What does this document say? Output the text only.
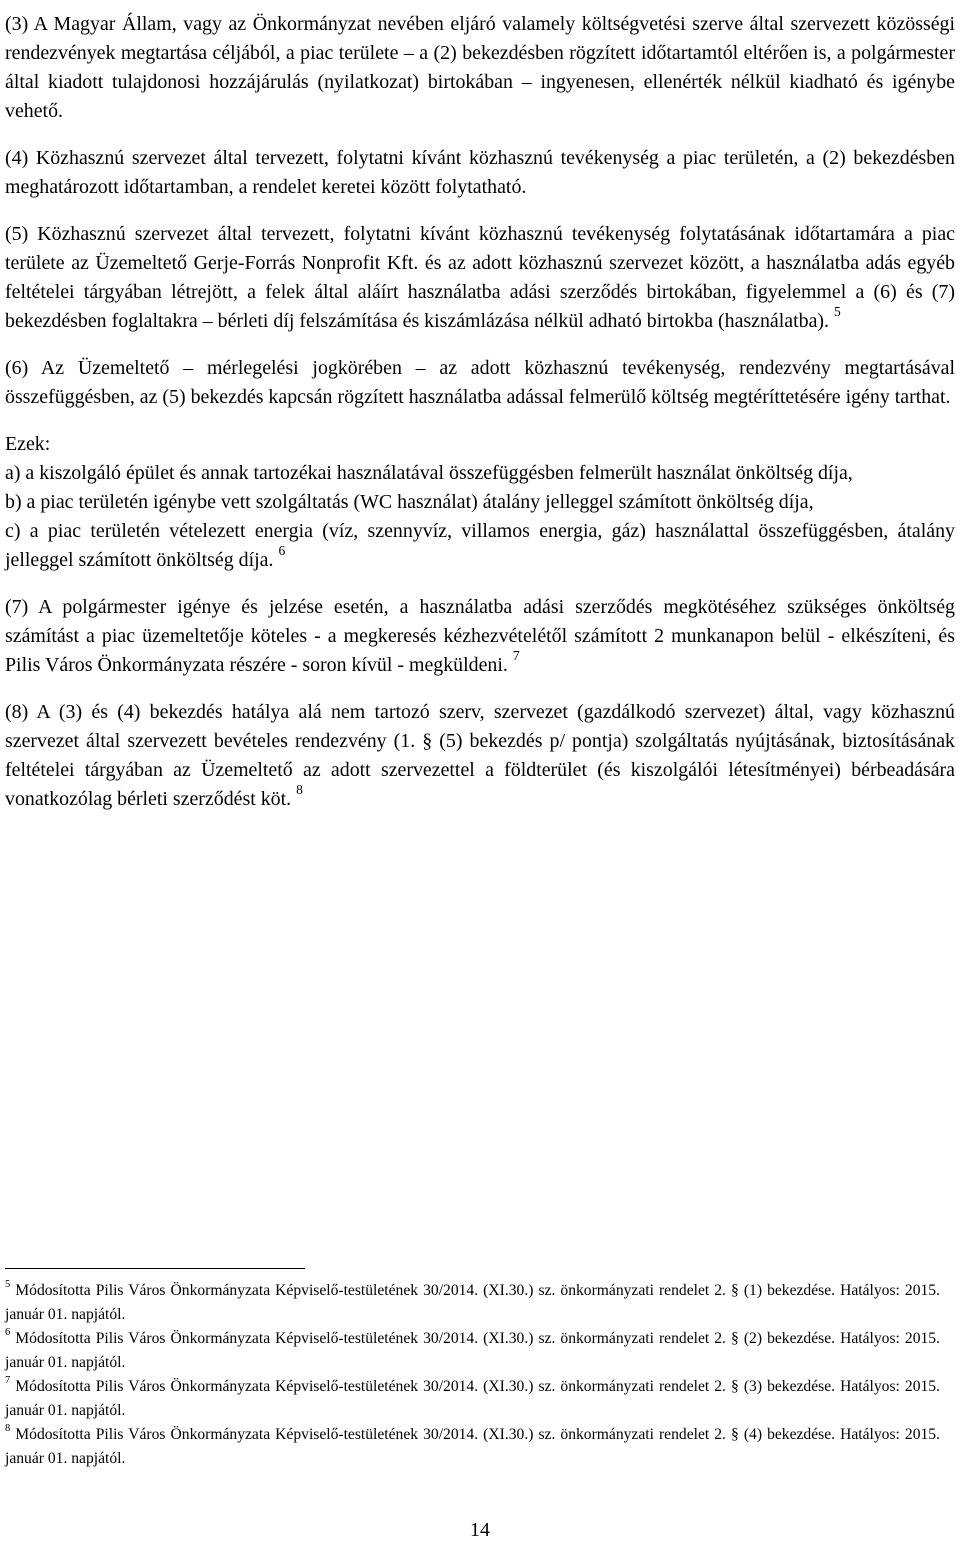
(3) A Magyar Állam, vagy az Önkormányzat nevében eljáró valamely költségvetési szerve által szervezett közösségi rendezvények megtartása céljából, a piac területe – a (2) bekezdésben rögzített időtartamtól eltérően is, a polgármester által kiadott tulajdonosi hozzájárulás (nyilatkozat) birtokában – ingyenesen, ellenérték nélkül kiadható és igénybe vehető.

(4) Közhasznú szervezet által tervezett, folytatni kívánt közhasznú tevékenység a piac területén, a (2) bekezdésben meghatározott időtartamban, a rendelet keretei között folytatható.

(5) Közhasznú szervezet által tervezett, folytatni kívánt közhasznú tevékenység folytatásának időtartamára a piac területe az Üzemeltető Gerje-Forrás Nonprofit Kft. és az adott közhasznú szervezet között, a használatba adás egyéb feltételei tárgyában létrejött, a felek által aláírt használatba adási szerződés birtokában, figyelemmel a (6) és (7) bekezdésben foglaltakra – bérleti díj felszámítása és kiszámlázása nélkül adható birtokba (használatba). $^5$

(6) Az Üzemeltető – mérlegelési jogkörében – az adott közhasznú tevékenység, rendezvény megtartásával összefüggésben, az (5) bekezdés kapcsán rögzített használatba adással felmerülő költség megtéríttetésére igény tarthat.

Ezek:

a) a kiszolgáló épület és annak tartozékai használatával összefüggésben felmerült használat önköltség díja,

b) a piac területén igénybe vett szolgáltatás (WC használat) átalány jelleggel számított önköltség díja,

c) a piac területén vételezett energia (víz, szennyvíz, villamos energia, gáz) használattal összefüggésben, átalány jelleggel számított önköltség díja. $^6$

(7) A polgármester igénye és jelzése esetén, a használatba adási szerződés megkötéséhez szükséges önköltség számítást a piac üzemeltetője köteles - a megkeresés kézhezvételétől számított 2 munkanapon belül - elkészíteni, és Pilis Város Önkormányzata részére - soron kívül - megküldeni. $^7$

(8) A (3) és (4) bekezdés hatálya alá nem tartozó szerv, szervezet (gazdálkodó szervezet) által, vagy közhasznú szervezet által szervezett bevételes rendezvény (1. § (5) bekezdés p/ pontja) szolgáltatás nyújtásának, biztosításának feltételei tárgyában az Üzemeltető az adott szervezettel a földterület (és kiszolgálói létesítményei) bérbeadására vonatkozólag bérleti szerződést köt. $^8$

$^5$ Módosította Pilis Város Önkormányzata Képviselő-testületének 30/2014. (XI.30.) sz. önkormányzati rendelet 2. § (1) bekezdése. Hatályos: 2015. január 01. napjától.

$^6$ Módosította Pilis Város Önkormányzata Képviselő-testületének 30/2014. (XI.30.) sz. önkormányzati rendelet 2. § (2) bekezdése. Hatályos: 2015. január 01. napjától.

$^7$ Módosította Pilis Város Önkormányzata Képviselő-testületének 30/2014. (XI.30.) sz. önkormányzati rendelet 2. § (3) bekezdése. Hatályos: 2015. január 01. napjától.

$^8$ Módosította Pilis Város Önkormányzata Képviselő-testületének 30/2014. (XI.30.) sz. önkormányzati rendelet 2. § (4) bekezdése. Hatályos: 2015. január 01. napjától.

14
